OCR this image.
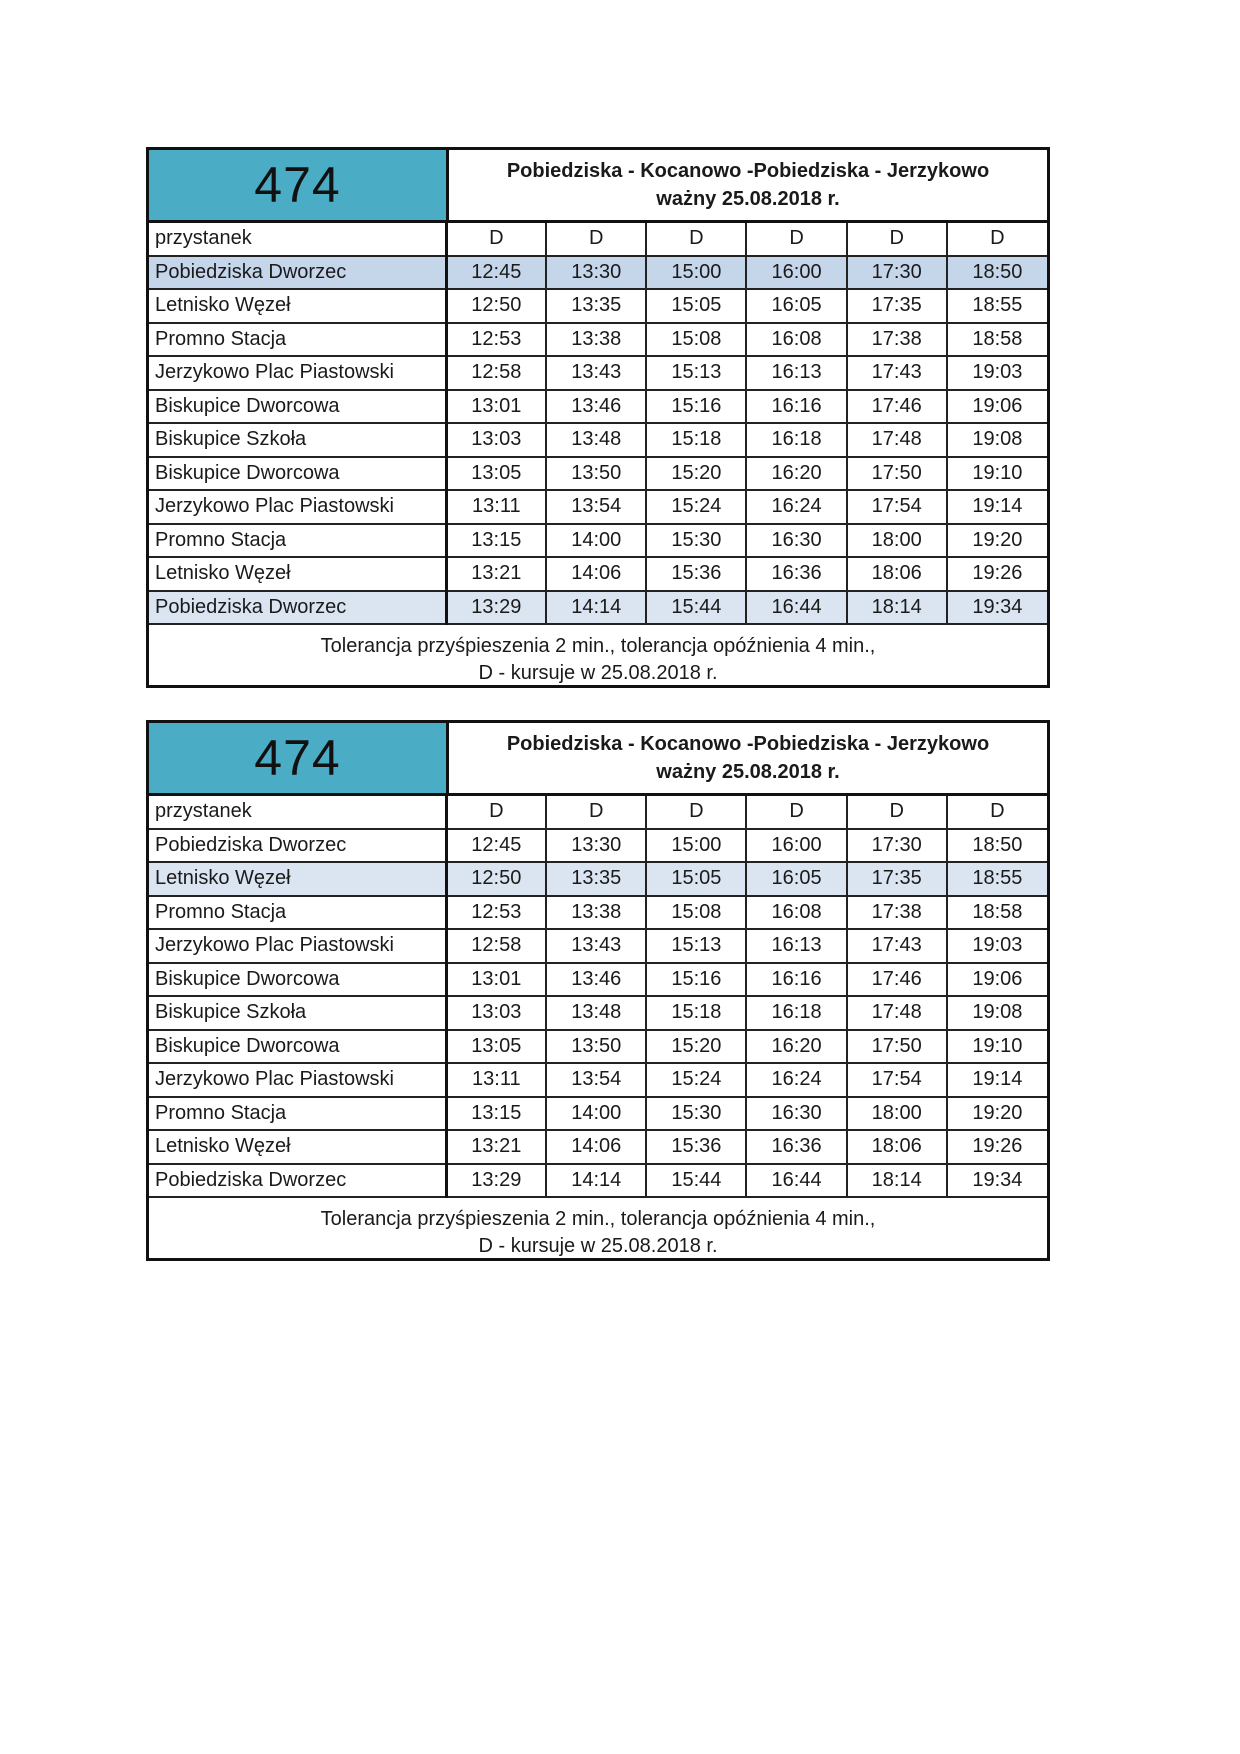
474	Pobiedziska - Kocanowo -Pobiedziska - Jerzykowo
ważny 25.08.2018 r.
przystanek	D	D	D	D	D	D
Pobiedziska Dworzec	12:45	13:30	15:00	16:00	17:30	18:50
Letnisko Węzeł	12:50	13:35	15:05	16:05	17:35	18:55
Promno Stacja	12:53	13:38	15:08	16:08	17:38	18:58
Jerzykowo Plac Piastowski	12:58	13:43	15:13	16:13	17:43	19:03
Biskupice Dworcowa	13:01	13:46	15:16	16:16	17:46	19:06
Biskupice Szkoła	13:03	13:48	15:18	16:18	17:48	19:08
Biskupice Dworcowa	13:05	13:50	15:20	16:20	17:50	19:10
Jerzykowo Plac Piastowski	13:11	13:54	15:24	16:24	17:54	19:14
Promno Stacja	13:15	14:00	15:30	16:30	18:00	19:20
Letnisko Węzeł	13:21	14:06	15:36	16:36	18:06	19:26
Pobiedziska Dworzec	13:29	14:14	15:44	16:44	18:14	19:34
Tolerancja przyśpieszenia 2 min., tolerancja opóźnienia 4 min.,
D - kursuje w 25.08.2018 r.
474	Pobiedziska - Kocanowo -Pobiedziska - Jerzykowo
ważny 25.08.2018 r.
przystanek	D	D	D	D	D	D
Pobiedziska Dworzec	12:45	13:30	15:00	16:00	17:30	18:50
Letnisko Węzeł	12:50	13:35	15:05	16:05	17:35	18:55
Promno Stacja	12:53	13:38	15:08	16:08	17:38	18:58
Jerzykowo Plac Piastowski	12:58	13:43	15:13	16:13	17:43	19:03
Biskupice Dworcowa	13:01	13:46	15:16	16:16	17:46	19:06
Biskupice Szkoła	13:03	13:48	15:18	16:18	17:48	19:08
Biskupice Dworcowa	13:05	13:50	15:20	16:20	17:50	19:10
Jerzykowo Plac Piastowski	13:11	13:54	15:24	16:24	17:54	19:14
Promno Stacja	13:15	14:00	15:30	16:30	18:00	19:20
Letnisko Węzeł	13:21	14:06	15:36	16:36	18:06	19:26
Pobiedziska Dworzec	13:29	14:14	15:44	16:44	18:14	19:34
Tolerancja przyśpieszenia 2 min., tolerancja opóźnienia 4 min.,
D - kursuje w 25.08.2018 r.
